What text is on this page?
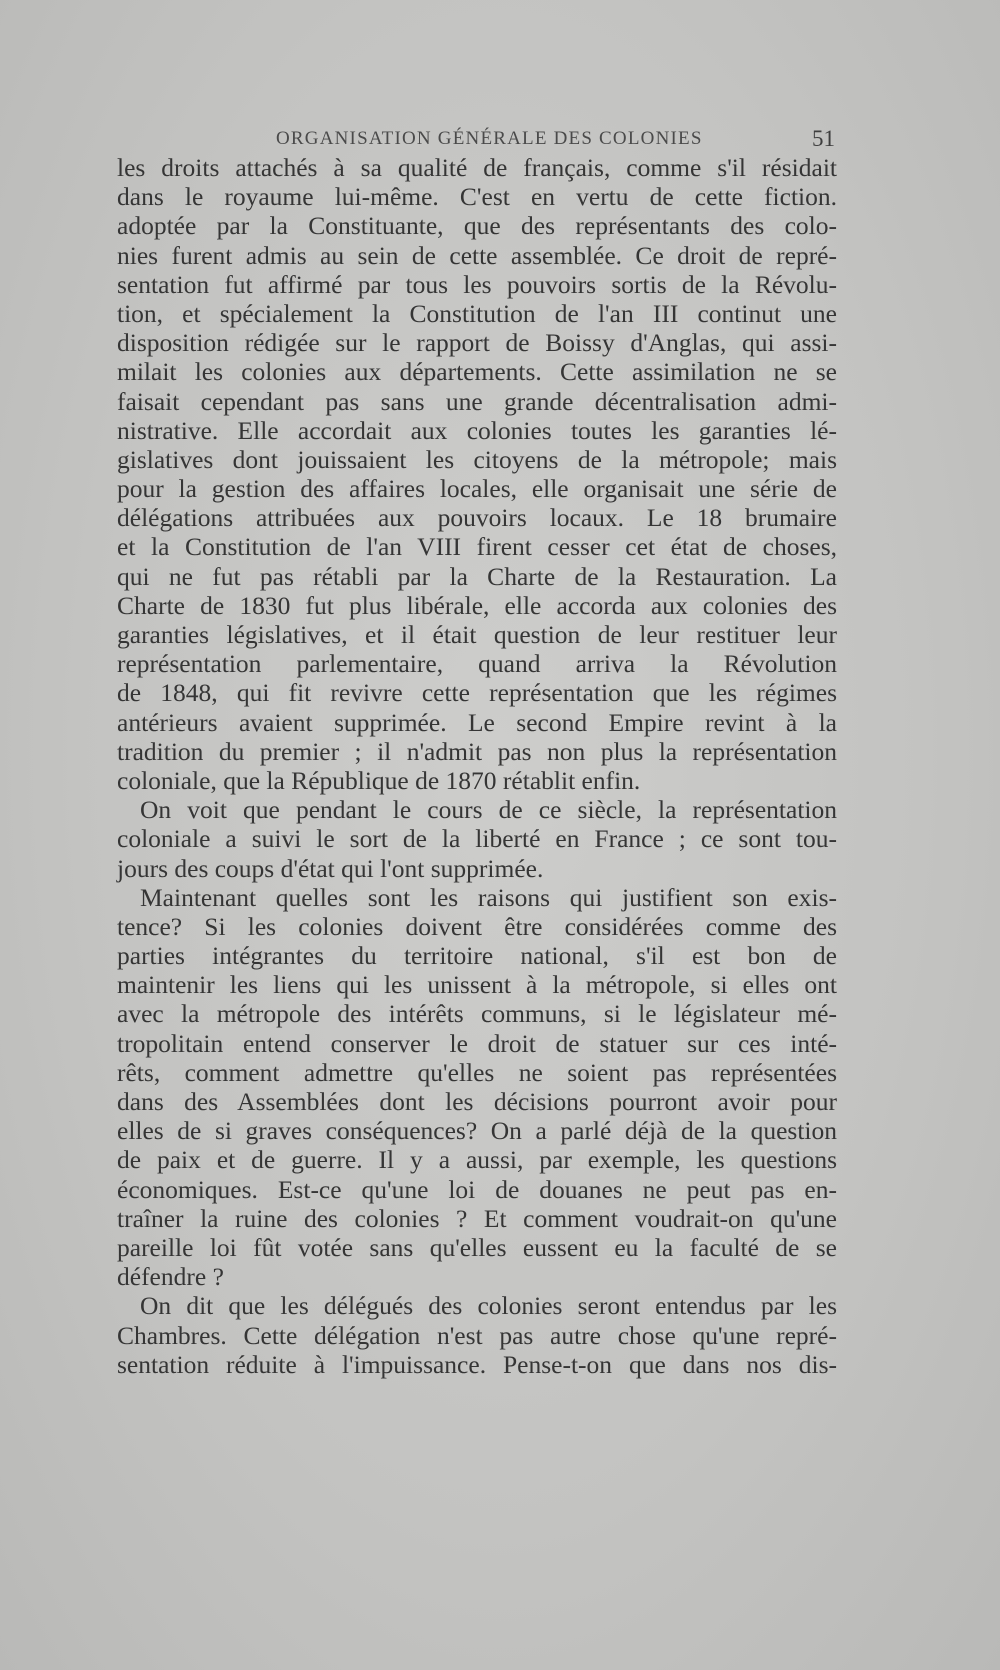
ORGANISATION GÉNÉRALE DES COLONIES	51
les droits attachés à sa qualité de français, comme s'il résidait
dans le royaume lui-même. C'est en vertu de cette fiction.
adoptée par la Constituante, que des représentants des colo-
nies furent admis au sein de cette assemblée. Ce droit de repré-
sentation fut affirmé par tous les pouvoirs sortis de la Révolu-
tion, et spécialement la Constitution de l'an III continut une
disposition rédigée sur le rapport de Boissy d'Anglas, qui assi-
milait les colonies aux départements. Cette assimilation ne se
faisait cependant pas sans une grande décentralisation admi-
nistrative. Elle accordait aux colonies toutes les garanties lé-
gislatives dont jouissaient les citoyens de la métropole; mais
pour la gestion des affaires locales, elle organisait une série de
délégations attribuées aux pouvoirs locaux. Le 18 brumaire
et la Constitution de l'an VIII firent cesser cet état de choses,
qui ne fut pas rétabli par la Charte de la Restauration. La
Charte de 1830 fut plus libérale, elle accorda aux colonies des
garanties législatives, et il était question de leur restituer leur
représentation parlementaire, quand arriva la Révolution
de 1848, qui fit revivre cette représentation que les régimes
antérieurs avaient supprimée. Le second Empire revint à la
tradition du premier ; il n'admit pas non plus la représentation
coloniale, que la République de 1870 rétablit enfin.
On voit que pendant le cours de ce siècle, la représentation
coloniale a suivi le sort de la liberté en France ; ce sont tou-
jours des coups d'état qui l'ont supprimée.
Maintenant quelles sont les raisons qui justifient son exis-
tence? Si les colonies doivent être considérées comme des
parties intégrantes du territoire national, s'il est bon de
maintenir les liens qui les unissent à la métropole, si elles ont
avec la métropole des intérêts communs, si le législateur mé-
tropolitain entend conserver le droit de statuer sur ces inté-
rêts, comment admettre qu'elles ne soient pas représentées
dans des Assemblées dont les décisions pourront avoir pour
elles de si graves conséquences? On a parlé déjà de la question
de paix et de guerre. Il y a aussi, par exemple, les questions
économiques. Est-ce qu'une loi de douanes ne peut pas en-
traîner la ruine des colonies ? Et comment voudrait-on qu'une
pareille loi fût votée sans qu'elles eussent eu la faculté de se
défendre ?
On dit que les délégués des colonies seront entendus par les
Chambres. Cette délégation n'est pas autre chose qu'une repré-
sentation réduite à l'impuissance. Pense-t-on que dans nos dis-
